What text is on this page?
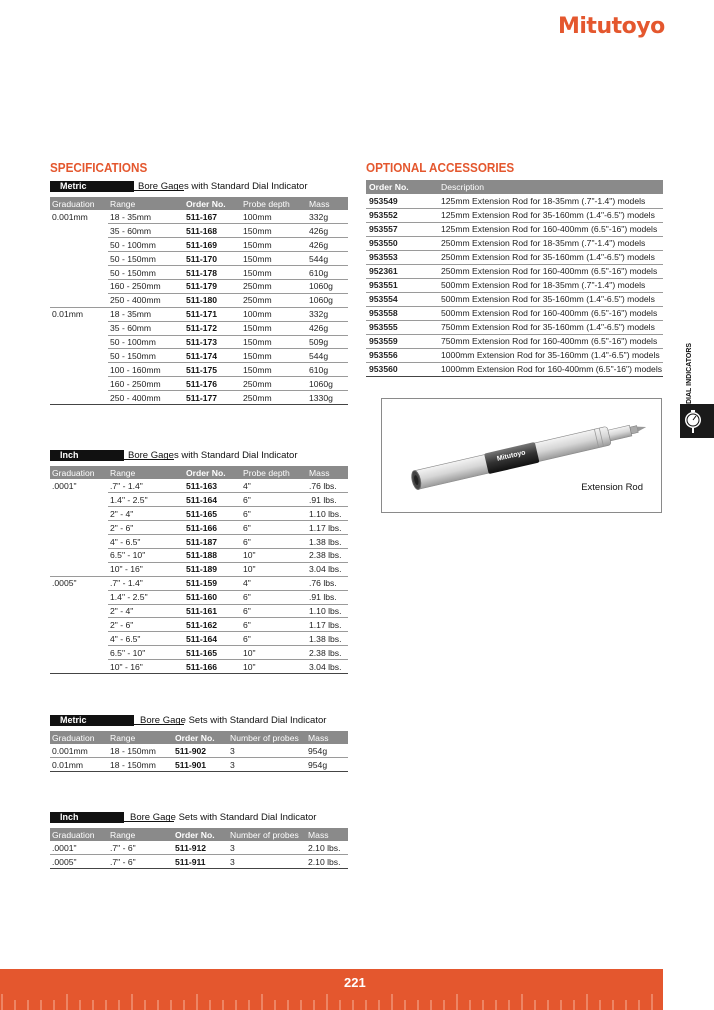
Mitutoyo
SPECIFICATIONS	OPTIONAL ACCESSORIES
Metric	Bore Gages with Standard Dial Indicator
Graduation	Range	Order No.	Probe depth	Mass
0.001mm	18 - 35mm	511-167	100mm	332g
	35 - 60mm	511-168	150mm	426g
	50 - 100mm	511-169	150mm	426g
	50 - 150mm	511-170	150mm	544g
	50 - 150mm	511-178	150mm	610g
	160 - 250mm	511-179	250mm	1060g
	250 - 400mm	511-180	250mm	1060g
0.01mm	18 - 35mm	511-171	100mm	332g
	35 - 60mm	511-172	150mm	426g
	50 - 100mm	511-173	150mm	509g
	50 - 150mm	511-174	150mm	544g
	100 - 160mm	511-175	150mm	610g
	160 - 250mm	511-176	250mm	1060g
	250 - 400mm	511-177	250mm	1330g
Inch	Bore Gages with Standard Dial Indicator
Graduation	Range	Order No.	Probe depth	Mass
.0001"	.7" - 1.4"	511-163	4"	.76 lbs.
	1.4" - 2.5"	511-164	6"	.91 lbs.
	2" - 4"	511-165	6"	1.10 lbs.
	2" - 6"	511-166	6"	1.17 lbs.
	4" - 6.5"	511-187	6"	1.38 lbs.
	6.5" - 10"	511-188	10"	2.38 lbs.
	10" - 16"	511-189	10"	3.04 lbs.
.0005"	.7" - 1.4"	511-159	4"	.76 lbs.
	1.4" - 2.5"	511-160	6"	.91 lbs.
	2" - 4"	511-161	6"	1.10 lbs.
	2" - 6"	511-162	6"	1.17 lbs.
	4" - 6.5"	511-164	6"	1.38 lbs.
	6.5" - 10"	511-165	10"	2.38 lbs.
	10" - 16"	511-166	10"	3.04 lbs.
Metric	Bore Gage Sets with Standard Dial Indicator
Graduation	Range	Order No.	Number of probes	Mass
0.001mm	18 - 150mm	511-902	3	954g
0.01mm	18 - 150mm	511-901	3	954g
Inch	Bore Gage Sets with Standard Dial Indicator
Graduation	Range	Order No.	Number of probes	Mass
.0001"	.7" - 6"	511-912	3	2.10 lbs.
.0005"	.7" - 6"	511-911	3	2.10 lbs.
Order No.	Description
953549	125mm Extension Rod for 18-35mm (.7"-1.4") models
953552	125mm Extension Rod for 35-160mm (1.4"-6.5") models
953557	125mm Extension Rod for 160-400mm (6.5"-16") models
953550	250mm Extension Rod for 18-35mm (.7"-1.4") models
953553	250mm Extension Rod for 35-160mm (1.4"-6.5") models
952361	250mm Extension Rod for 160-400mm (6.5"-16") models
953551	500mm Extension Rod for 18-35mm (.7"-1.4") models
953554	500mm Extension Rod for 35-160mm (1.4"-6.5") models
953558	500mm Extension Rod for 160-400mm (6.5"-16") models
953555	750mm Extension Rod for 35-160mm (1.4"-6.5") models
953559	750mm Extension Rod for 160-400mm (6.5"-16") models
953556	1000mm Extension Rod for 35-160mm (1.4"-6.5") models
953560	1000mm Extension Rod for 160-400mm (6.5"-16") models
Mitutoyo
Extension Rod
DIAL INDICATORS
221
